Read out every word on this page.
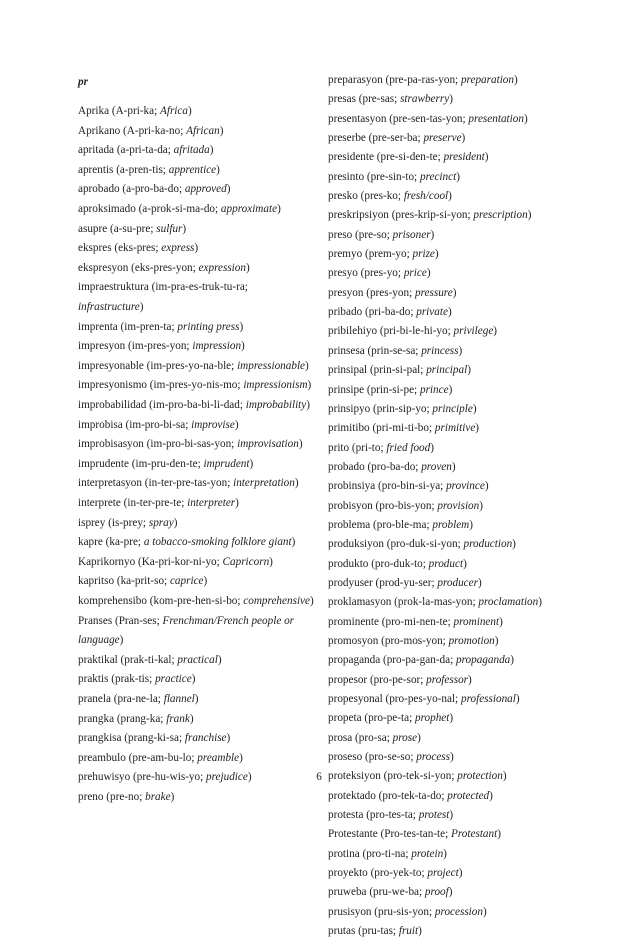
pr
Aprika (A-pri-ka; Africa)
Aprikano (A-pri-ka-no; African)
apritada (a-pri-ta-da; afritada)
aprentis (a-pren-tis; apprentice)
aprobado (a-pro-ba-do; approved)
aproksimado (a-prok-si-ma-do; approximate)
asupre (a-su-pre; sulfur)
ekspres (eks-pres; express)
ekspresyon (eks-pres-yon; expression)
impraestruktura (im-pra-es-truk-tu-ra; infrastructure)
imprenta (im-pren-ta; printing press)
impresyon (im-pres-yon; impression)
impresyonable (im-pres-yo-na-ble; impressionable)
impresyonismo (im-pres-yo-nis-mo; impressionism)
improbabilidad (im-pro-ba-bi-li-dad; improbability)
improbisa (im-pro-bi-sa; improvise)
improbisasyon (im-pro-bi-sas-yon; improvisation)
imprudente (im-pru-den-te; imprudent)
interpretasyon (in-ter-pre-tas-yon; interpretation)
interprete (in-ter-pre-te; interpreter)
isprey (is-prey; spray)
kapre (ka-pre; a tobacco-smoking folklore giant)
Kaprikornyo (Ka-pri-kor-ni-yo; Capricorn)
kapritso (ka-prit-so; caprice)
komprehensibo (kom-pre-hen-si-bo; comprehensive)
Pranses (Pran-ses; Frenchman/French people or language)
praktikal (prak-ti-kal; practical)
praktis (prak-tis; practice)
pranela (pra-ne-la; flannel)
prangka (prang-ka; frank)
prangkisa (prang-ki-sa; franchise)
preambulo (pre-am-bu-lo; preamble)
prehuwisyo (pre-hu-wis-yo; prejudice)
preno (pre-no; brake)
preparasyon (pre-pa-ras-yon; preparation)
presas (pre-sas; strawberry)
presentasyon (pre-sen-tas-yon; presentation)
preserbe (pre-ser-ba; preserve)
presidente (pre-si-den-te; president)
presinto (pre-sin-to; precinct)
presko (pres-ko; fresh/cool)
preskripsiyon (pres-krip-si-yon; prescription)
preso (pre-so; prisoner)
premyo (prem-yo; prize)
presyo (pres-yo; price)
presyon (pres-yon; pressure)
pribado (pri-ba-do; private)
pribilehiyo (pri-bi-le-hi-yo; privilege)
prinsesa (prin-se-sa; princess)
prinsipal (prin-si-pal; principal)
prinsipe (prin-si-pe; prince)
prinsipyo (prin-sip-yo; principle)
primitibo (pri-mi-ti-bo; primitive)
prito (pri-to; fried food)
probado (pro-ba-do; proven)
probinsiya (pro-bin-si-ya; province)
probisyon (pro-bis-yon; provision)
problema (pro-ble-ma; problem)
produksiyon (pro-duk-si-yon; production)
produkto (pro-duk-to; product)
prodyuser (prod-yu-ser; producer)
proklamasyon (prok-la-mas-yon; proclamation)
prominente (pro-mi-nen-te; prominent)
promosyon (pro-mos-yon; promotion)
propaganda (pro-pa-gan-da; propaganda)
propesor (pro-pe-sor; professor)
propesyonal (pro-pes-yo-nal; professional)
propeta (pro-pe-ta; prophet)
prosa (pro-sa; prose)
proseso (pro-se-so; process)
proteksiyon (pro-tek-si-yon; protection)
protektado (pro-tek-ta-do; protected)
protesta (pro-tes-ta; protest)
Protestante (Pro-tes-tan-te; Protestant)
protina (pro-ti-na; protein)
proyekto (pro-yek-to; project)
pruweba (pru-we-ba; proof)
prusisyon (pru-sis-yon; procession)
prutas (pru-tas; fruit)
6
